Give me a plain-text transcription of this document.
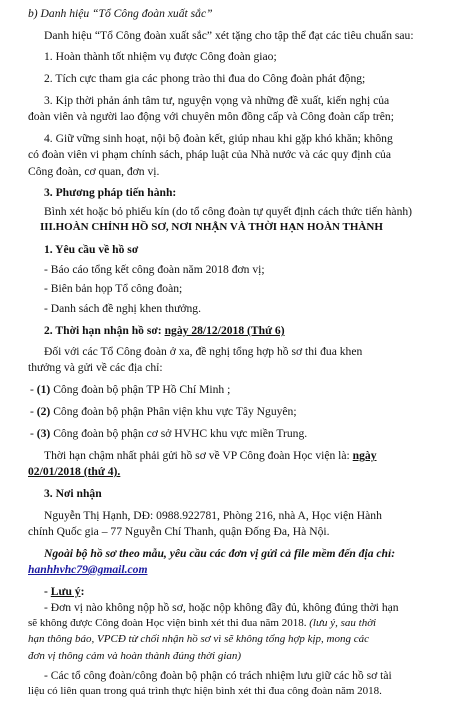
b) Danh hiệu “Tổ Công đoàn xuất sắc”
Danh hiệu “Tổ Công đoàn xuất sắc” xét tặng cho tập thể đạt các tiêu chuẩn sau:
1. Hoàn thành tốt nhiệm vụ được Công đoàn giao;
2. Tích cực tham gia các phong trào thi đua do Công đoàn phát động;
3. Kịp thời phản ánh tâm tư, nguyện vọng và những đề xuất, kiến nghị của
đoàn viên và người lao động với chuyên môn đồng cấp và Công đoàn cấp trên;
4. Giữ vững sinh hoạt, nội bộ đoàn kết, giúp nhau khi gặp khó khăn; không
có đoàn viên vi phạm chính sách, pháp luật của Nhà nước và các quy định của
Công đoàn, cơ quan, đơn vị.
3. Phương pháp tiến hành:
Bình xét hoặc bỏ phiếu kín (do tổ công đoàn tự quyết định cách thức tiến hành)
III.HOÀN CHỈNH HỒ SƠ, NƠI NHẬN VÀ THỜI HẠN HOÀN THÀNH
1. Yêu cầu về hồ sơ
- Báo cáo tổng kết công đoàn năm 2018 đơn vị;
- Biên bản họp Tổ công đoàn;
- Danh sách đề nghị khen thưởng.
2. Thời hạn nhận hồ sơ: ngày 28/12/2018 (Thứ 6)
Đối với các Tổ Công đoàn ở xa, đề nghị tổng hợp hồ sơ thi đua khen
thưởng và gửi về các địa chỉ:
- (1) Công đoàn bộ phận TP Hồ Chí Minh ;
- (2) Công đoàn bộ phận Phân viện khu vực Tây Nguyên;
- (3) Công đoàn bộ phận cơ sở HVHC khu vực miền Trung.
Thời hạn chậm nhất phải gửi hồ sơ về VP Công đoàn Học viện là: ngày
02/01/2018 (thứ 4).
3. Nơi nhận
Nguyễn Thị Hạnh, DĐ: 0988.922781, Phòng 216, nhà A, Học viện Hành
chính Quốc gia – 77 Nguyễn Chí Thanh, quận Đống Đa, Hà Nội.
Ngoài bộ hồ sơ theo mẫu, yêu cầu các đơn vị gửi cả file mềm đến địa chỉ:
hanhhvhc79@gmail.com
- Lưu ý:
- Đơn vị nào không nộp hồ sơ, hoặc nộp không đầy đủ, không đúng thời hạn
sẽ không được Công đoàn Học viện bình xét thi đua năm 2018. (lưu ý, sau thời
hạn thông báo, VPCĐ từ chối nhận hồ sơ vì sẽ không tổng hợp kịp, mong các
đơn vị thông cảm và hoàn thành đúng thời gian)
- Các tổ công đoàn/công đoàn bộ phận có trách nhiệm lưu giữ các hồ sơ tài
liệu có liên quan trong quá trình thực hiện bình xét thi đua công đoàn năm 2018.
